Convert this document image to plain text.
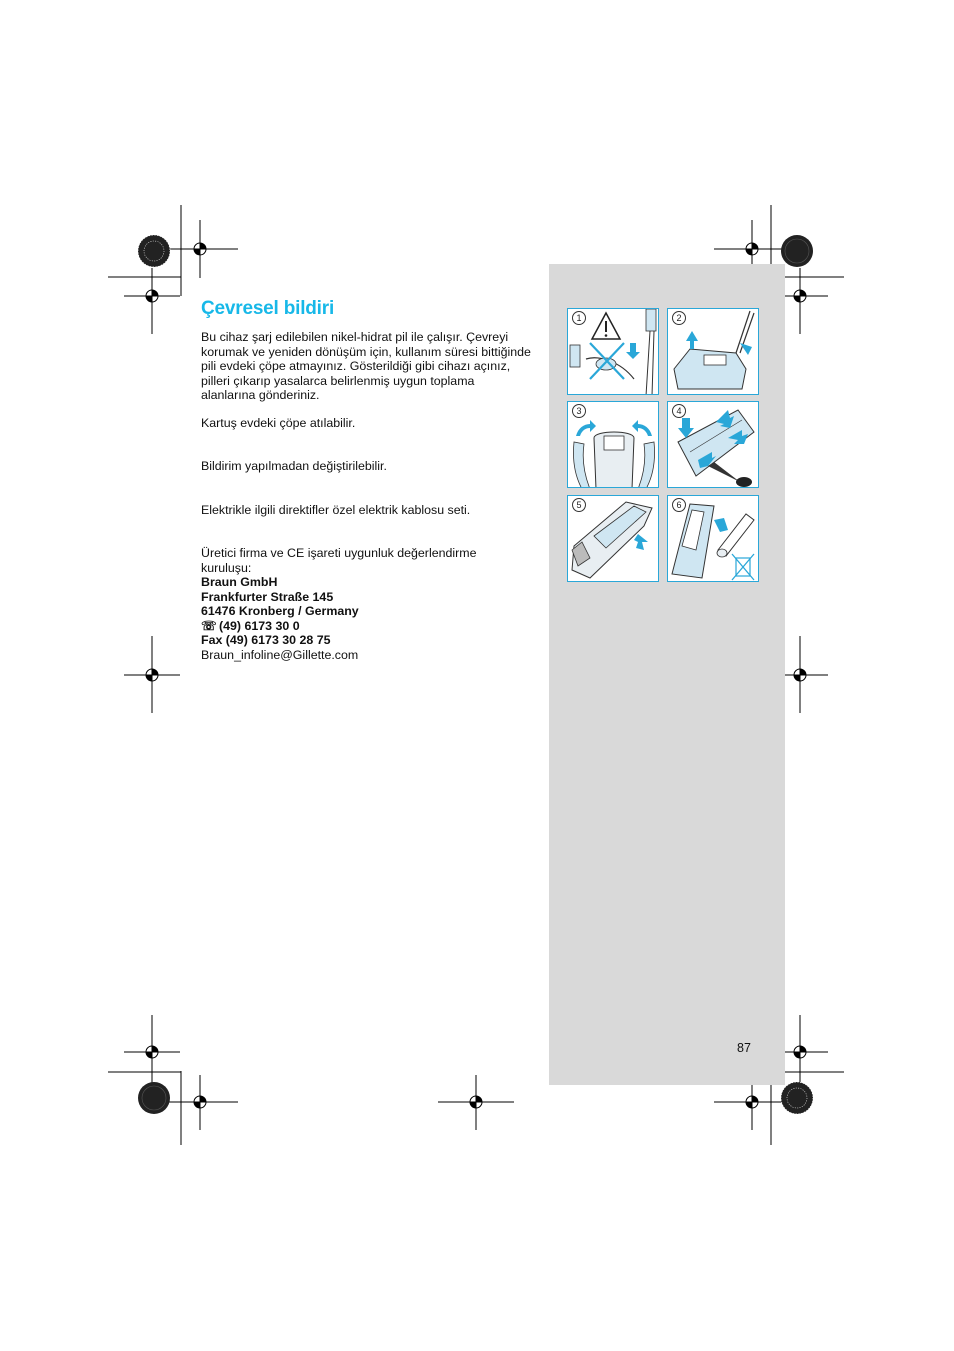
Çevresel bildiri

Bu cihaz şarj edilebilen nikel-hidrat pil ile çalışır. Çevreyi korumak ve yeniden dönüşüm için, kullanım süresi bittiğinde pili evdeki çöpe atmayınız. Gösterildiği gibi cihazı açınız, pilleri çıkarıp yasalarca belirlenmiş uygun toplama alanlarına gönderiniz.

Kartuş evdeki çöpe atılabilir.

Bildirim yapılmadan değiştirilebilir.

Elektrikle ilgili direktifler özel elektrik kablosu seti.

Üretici firma ve CE işareti uygunluk değerlendirme kuruluşu:

Braun GmbH
Frankfurter Straße 145
61476 Kronberg / Germany
☏ (49) 6173 30 0
Fax (49) 6173 30 28 75
Braun_infoline@Gillette.com
1	2
3	4
5	6
87
